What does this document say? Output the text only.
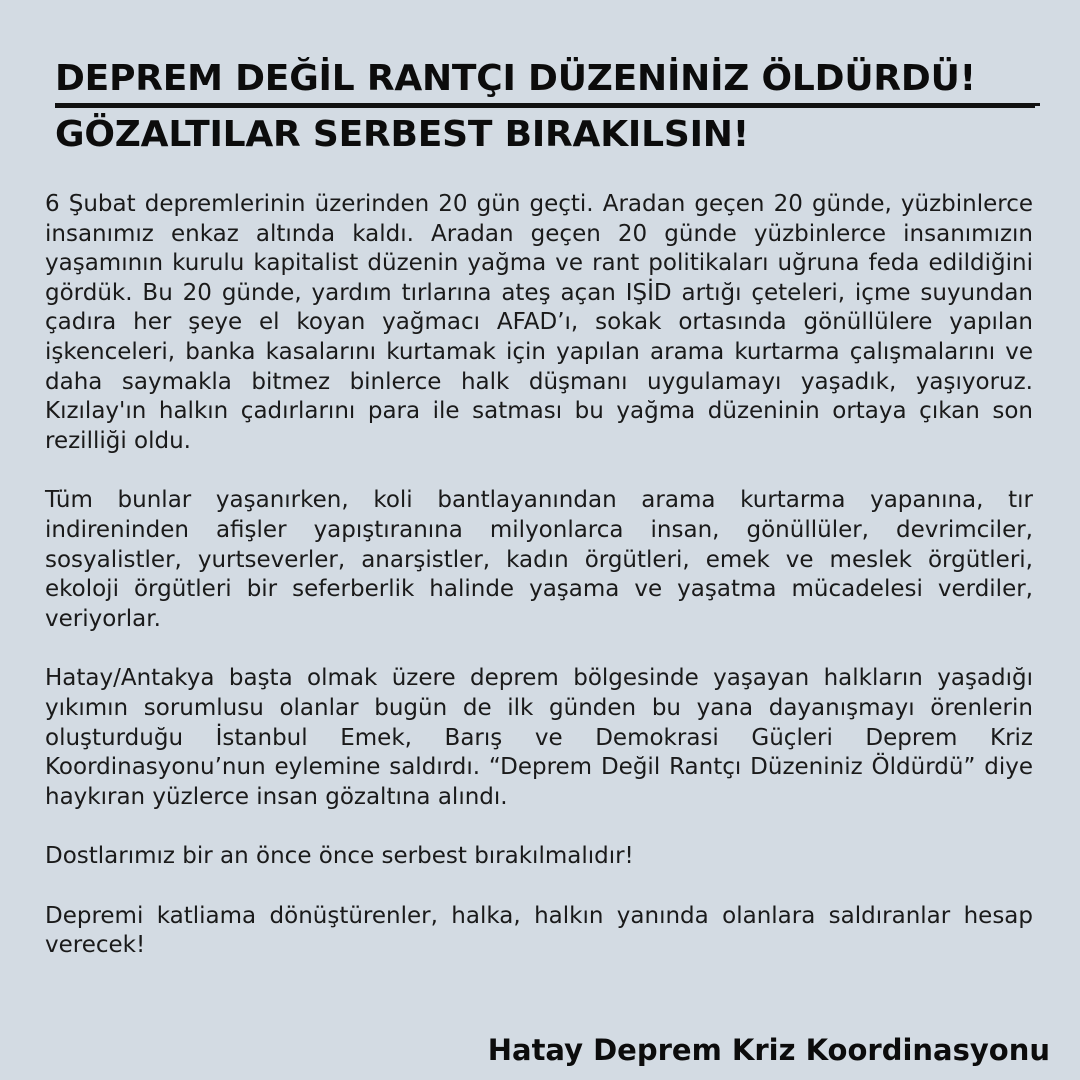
DEPREM DEĞİL RANTÇI DÜZENİNİZ ÖLDÜRDÜ!
GÖZALTILAR SERBEST BIRAKILSIN!

6 Şubat depremlerinin üzerinden 20 gün geçti. Aradan geçen 20 günde, yüzbinlerce insanımız enkaz altında kaldı. Aradan geçen 20 günde yüzbinlerce insanımızın yaşamının kurulu kapitalist düzenin yağma ve rant politikaları uğruna feda edildiğini gördük. Bu 20 günde, yardım tırlarına ateş açan IŞİD artığı çeteleri, içme suyundan çadıra her şeye el koyan yağmacı AFAD’ı, sokak ortasında gönüllülere yapılan işkenceleri, banka kasalarını kurtamak için yapılan arama kurtarma çalışmalarını ve daha saymakla bitmez binlerce halk düşmanı uygulamayı yaşadık, yaşıyoruz. Kızılay'ın halkın çadırlarını para ile satması bu yağma düzeninin ortaya çıkan son rezilliği oldu.

Tüm bunlar yaşanırken, koli bantlayanından arama kurtarma yapanına, tır indireninden afişler yapıştıranına milyonlarca insan, gönüllüler, devrimciler, sosyalistler, yurtseverler, anarşistler, kadın örgütleri, emek ve meslek örgütleri, ekoloji örgütleri bir seferberlik halinde yaşama ve yaşatma mücadelesi verdiler, veriyorlar.

Hatay/Antakya başta olmak üzere deprem bölgesinde yaşayan halkların yaşadığı yıkımın sorumlusu olanlar bugün de ilk günden bu yana dayanışmayı örenlerin oluşturduğu İstanbul Emek, Barış ve Demokrasi Güçleri Deprem Kriz Koordinasyonu’nun eylemine saldırdı. “Deprem Değil Rantçı Düzeniniz Öldürdü” diye haykıran yüzlerce insan gözaltına alındı.

Dostlarımız bir an önce önce serbest bırakılmalıdır!

Depremi katliama dönüştürenler, halka, halkın yanında olanlara saldıranlar hesap verecek!

Hatay Deprem Kriz Koordinasyonu
